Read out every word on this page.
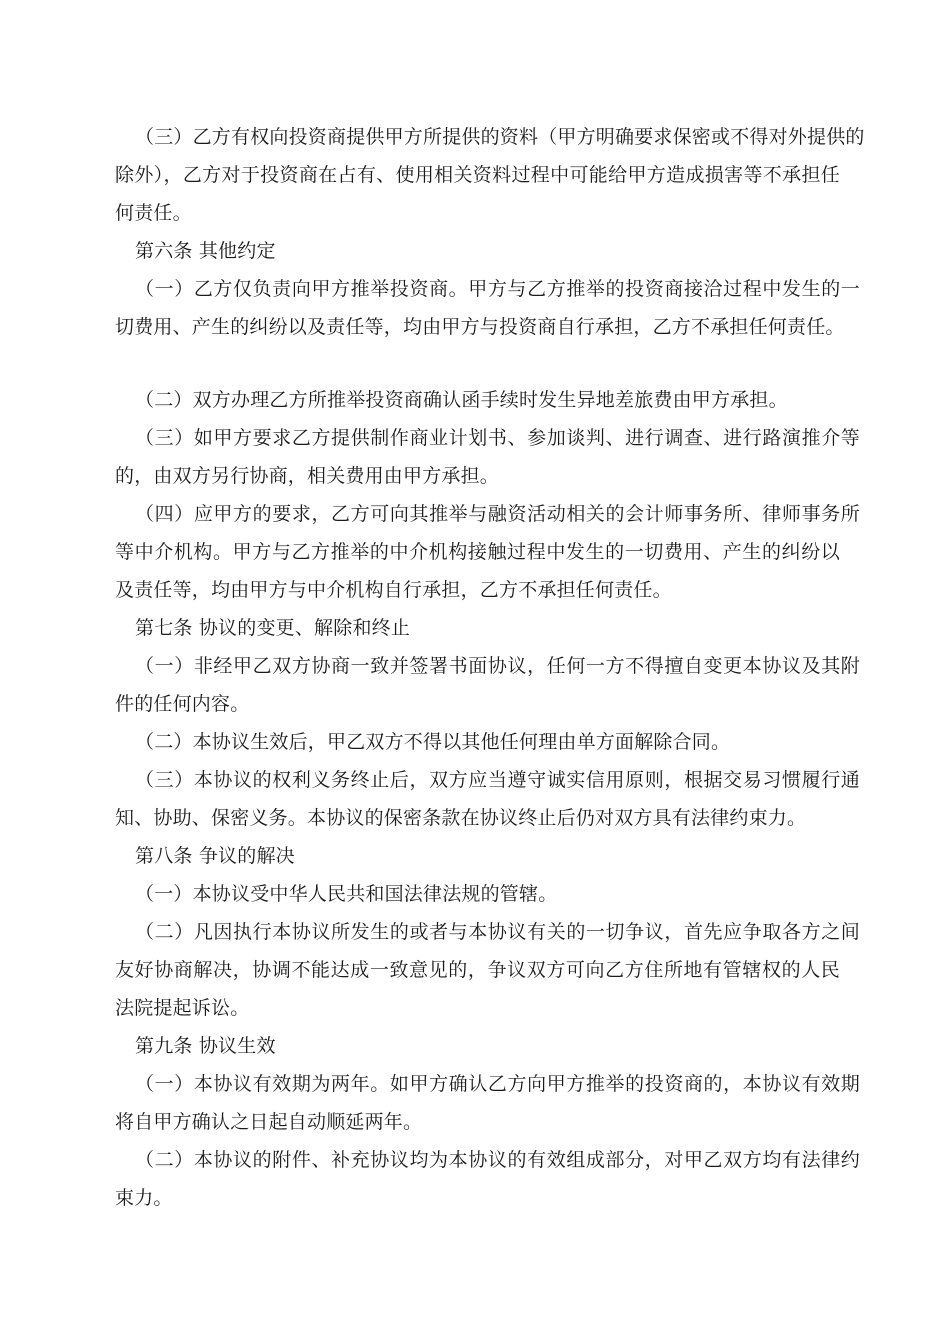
（三）乙方有权向投资商提供甲方所提供的资料（甲方明确要求保密或不得对外提供的
除外），乙方对于投资商在占有、使用相关资料过程中可能给甲方造成损害等不承担任
何责任。
第六条 其他约定
（一）乙方仅负责向甲方推举投资商。甲方与乙方推举的投资商接洽过程中发生的一
切费用、产生的纠纷以及责任等，均由甲方与投资商自行承担，乙方不承担任何责任。
（二）双方办理乙方所推举投资商确认函手续时发生异地差旅费由甲方承担。
（三）如甲方要求乙方提供制作商业计划书、参加谈判、进行调查、进行路演推介等
的，由双方另行协商，相关费用由甲方承担。
（四）应甲方的要求，乙方可向其推举与融资活动相关的会计师事务所、律师事务所
等中介机构。甲方与乙方推举的中介机构接触过程中发生的一切费用、产生的纠纷以
及责任等，均由甲方与中介机构自行承担，乙方不承担任何责任。
第七条 协议的变更、解除和终止
（一）非经甲乙双方协商一致并签署书面协议，任何一方不得擅自变更本协议及其附
件的任何内容。
（二）本协议生效后，甲乙双方不得以其他任何理由单方面解除合同。
（三）本协议的权利义务终止后，双方应当遵守诚实信用原则，根据交易习惯履行通
知、协助、保密义务。本协议的保密条款在协议终止后仍对双方具有法律约束力。
第八条 争议的解决
（一）本协议受中华人民共和国法律法规的管辖。
（二）凡因执行本协议所发生的或者与本协议有关的一切争议，首先应争取各方之间
友好协商解决，协调不能达成一致意见的，争议双方可向乙方住所地有管辖权的人民
法院提起诉讼。
第九条 协议生效
（一）本协议有效期为两年。如甲方确认乙方向甲方推举的投资商的，本协议有效期
将自甲方确认之日起自动顺延两年。
（二）本协议的附件、补充协议均为本协议的有效组成部分，对甲乙双方均有法律约
束力。
